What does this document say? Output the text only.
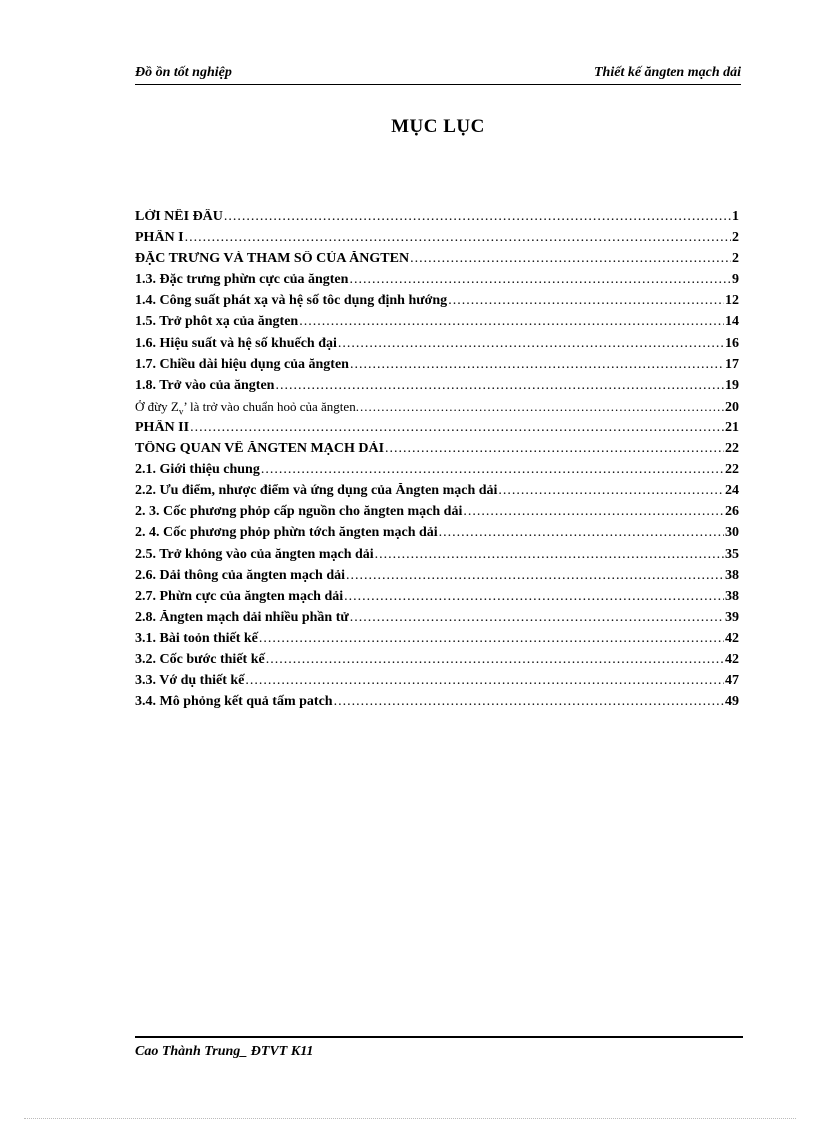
Đồ ồn tốt nghiệp	Thiết kế ăngten mạch dải
MỤC LỤC
LỜI NỀI ĐẦU .....	1
PHẦN I .....	2
ĐẶC TRƯNG VÀ THAM SỐ CỦA ĂNGTEN .....	2
1.3. Đặc trưng phừn cực của ăngten .....	9
1.4. Công suất phát xạ và hệ số tôc dụng định hướng .....	12
1.5. Trở phôt xạ của ăngten .....	14
1.6. Hiệu suất và hệ số khuếch đại .....	16
1.7. Chiều dài hiệu dụng của ăngten .....	17
1.8. Trở vào của ăngten .....	19
Ở đừy $Z_v$’ là trở vào chuẩn hoỏ của ăngten. .....	20
PHẦN II .....	21
TỔNG QUAN VỀ ĂNGTEN MẠCH DẢI .....	22
2.1. Giới thiệu chung .....	22
2.2. Ưu điểm, nhược điểm và ứng dụng của Ăngten mạch dải .....	24
2. 3. Cốc phương phỏp cấp nguồn cho ăngten mạch dải .....	26
2. 4. Cốc phương phỏp phừn tớch ăngten mạch dải .....	30
2.5. Trở khỏng vào của ăngten mạch dải .....	35
2.6. Dải thông của ăngten mạch dải .....	38
2.7. Phừn cực của ăngten mạch dải .....	38
2.8. Ăngten mạch dải nhiều phần tử .....	39
3.1. Bài toỏn thiết kế .....	42
3.2. Cốc bước thiết kế .....	42
3.3. Vớ dụ thiết kế .....	47
3.4. Mô phỏng kết quả tấm patch .....	49
Cao Thành Trung_ ĐTVT K11
